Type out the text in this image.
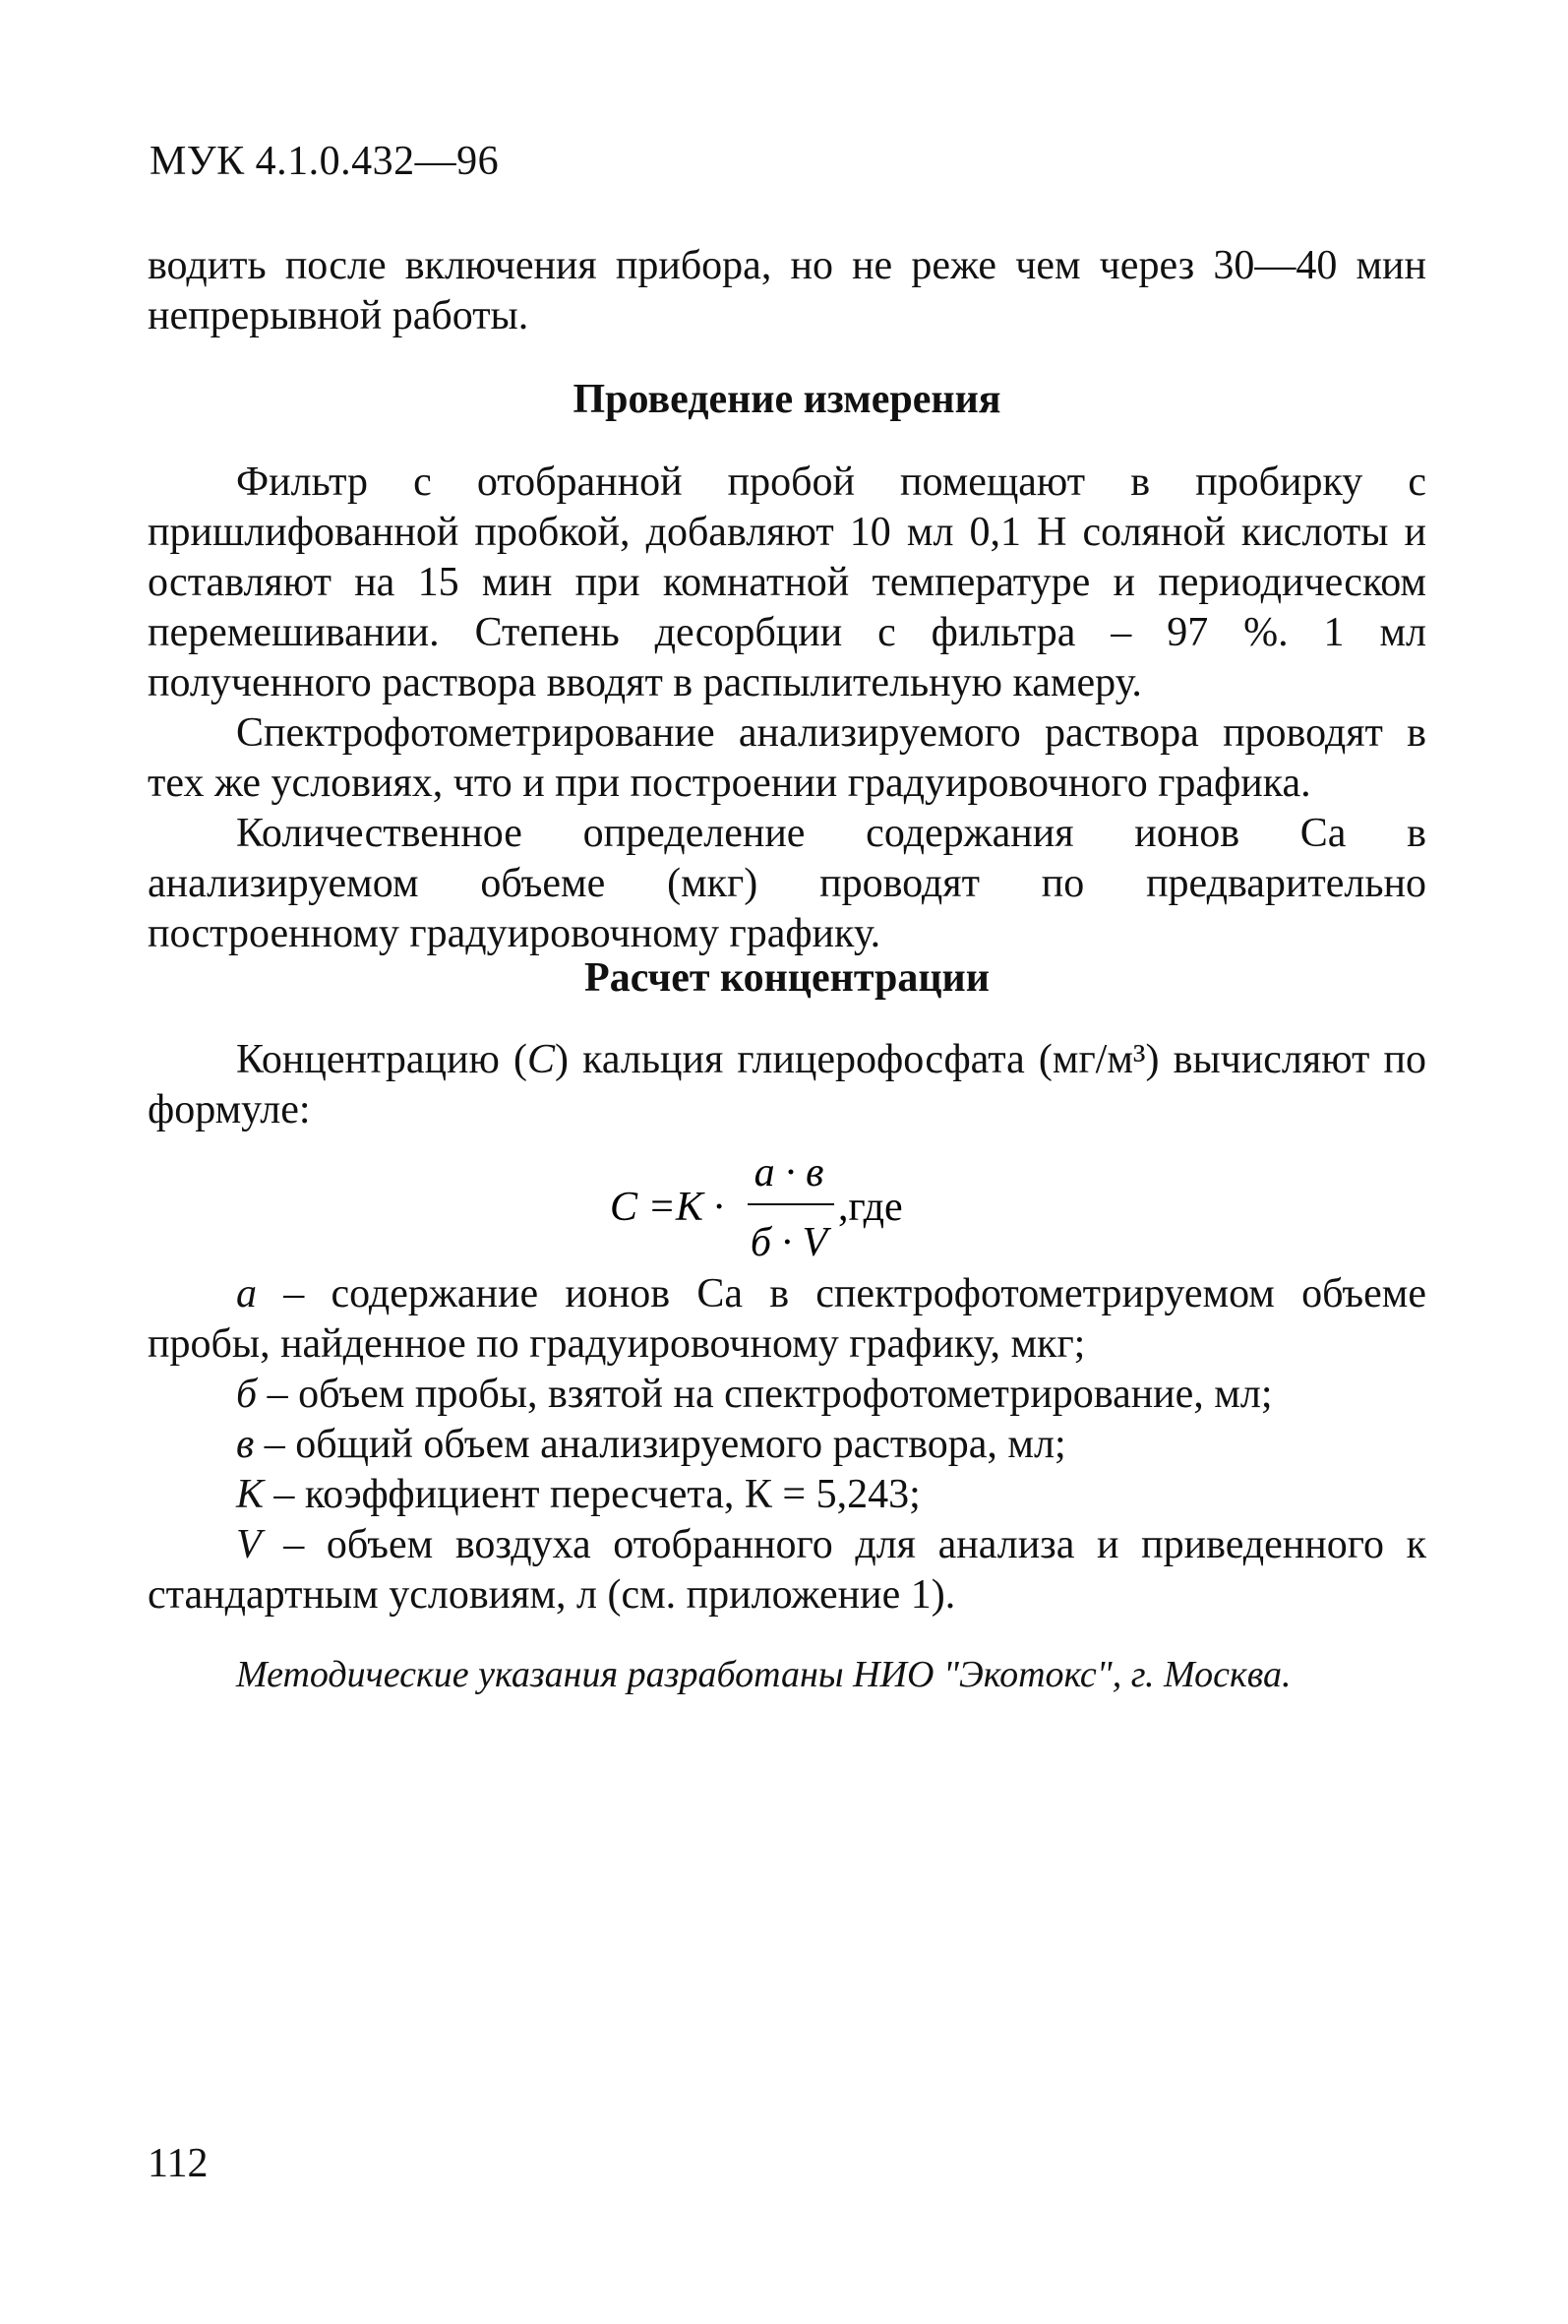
МУК 4.1.0.432—96

водить после включения прибора, но не реже чем через 30—40 мин непрерывной работы.

Проведение измерения

Фильтр с отобранной пробой помещают в пробирку с пришлифованной пробкой, добавляют 10 мл 0,1 Н соляной кислоты и оставляют на 15 мин при комнатной температуре и периодическом перемешивании. Степень десорбции с фильтра – 97 %. 1 мл полученного раствора вводят в распылительную камеру.

Спектрофотометрирование анализируемого раствора проводят в тех же условиях, что и при построении градуировочного графика.

Количественное определение содержания ионов Са в анализируемом объеме (мкг) проводят по предварительно построенному градуировочному графику.

Расчет концентрации

Концентрацию (С) кальция глицерофосфата (мг/м³) вычисляют по формуле:

С =К ·
а · в
б · V
,где

а – содержание ионов Са в спектрофотометрируемом объеме пробы, найденное по градуировочному графику, мкг;

б – объем пробы, взятой на спектрофотометрирование, мл;

в – общий объем анализируемого раствора, мл;

К – коэффициент пересчета, К = 5,243;

V – объем воздуха отобранного для анализа и приведенного к стандартным условиям, л (см. приложение 1).

Методические указания разработаны НИО "Экотокс", г. Москва.
112
